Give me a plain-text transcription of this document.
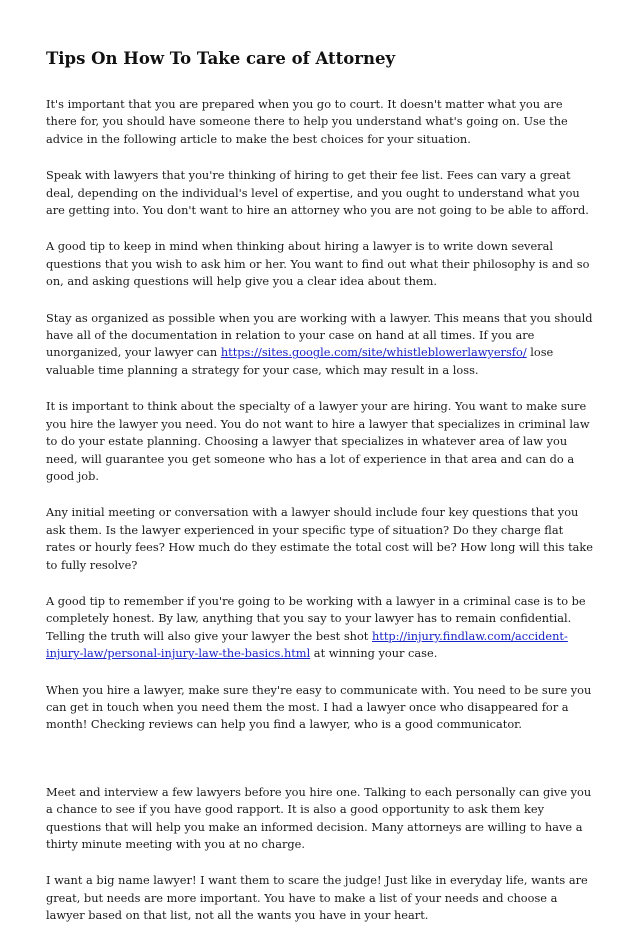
Tips On How To Take care of Attorney

It's important that you are prepared when you go to court. It doesn't matter what you are there for, you should have someone there to help you understand what's going on. Use the advice in the following article to make the best choices for your situation.

Speak with lawyers that you're thinking of hiring to get their fee list. Fees can vary a great deal, depending on the individual's level of expertise, and you ought to understand what you are getting into. You don't want to hire an attorney who you are not going to be able to afford.

A good tip to keep in mind when thinking about hiring a lawyer is to write down several questions that you wish to ask him or her. You want to find out what their philosophy is and so on, and asking questions will help give you a clear idea about them.

Stay as organized as possible when you are working with a lawyer. This means that you should have all of the documentation in relation to your case on hand at all times. If you are unorganized, your lawyer can https://sites.google.com/site/whistleblowerlawyersfo/ lose valuable time planning a strategy for your case, which may result in a loss.

It is important to think about the specialty of a lawyer your are hiring. You want to make sure you hire the lawyer you need. You do not want to hire a lawyer that specializes in criminal law to do your estate planning. Choosing a lawyer that specializes in whatever area of law you need, will guarantee you get someone who has a lot of experience in that area and can do a good job.

Any initial meeting or conversation with a lawyer should include four key questions that you ask them. Is the lawyer experienced in your specific type of situation? Do they charge flat rates or hourly fees? How much do they estimate the total cost will be? How long will this take to fully resolve?

A good tip to remember if you're going to be working with a lawyer in a criminal case is to be completely honest. By law, anything that you say to your lawyer has to remain confidential. Telling the truth will also give your lawyer the best shot http://injury.findlaw.com/accident-injury-law/personal-injury-law-the-basics.html at winning your case.

When you hire a lawyer, make sure they're easy to communicate with. You need to be sure you can get in touch when you need them the most. I had a lawyer once who disappeared for a month! Checking reviews can help you find a lawyer, who is a good communicator.

Meet and interview a few lawyers before you hire one. Talking to each personally can give you a chance to see if you have good rapport. It is also a good opportunity to ask them key questions that will help you make an informed decision. Many attorneys are willing to have a thirty minute meeting with you at no charge.

I want a big name lawyer! I want them to scare the judge! Just like in everyday life, wants are great, but needs are more important. You have to make a list of your needs and choose a lawyer based on that list, not all the wants you have in your heart.
